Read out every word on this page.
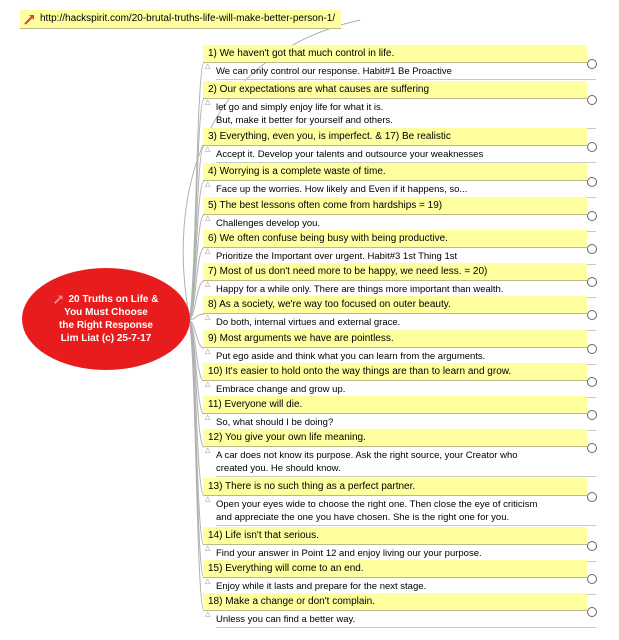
http://hackspirit.com/20-brutal-truths-life-will-make-better-person-1/
20 Truths on Life &
You Must Choose
the Right Response
Lim Liat (c) 25-7-17
1) We haven't got that much control in life.
△ We can only control our response. Habit#1 Be Proactive
2) Our expectations are what causes are suffering
△ let go and simply enjoy life for what it is.
But, make it better for yourself and others.
3) Everything, even you, is imperfect. & 17) Be realistic
△ Accept it. Develop your talents and outsource your weaknesses
4) Worrying is a complete waste of time.
△ Face up the worries. How likely and Even if it happens, so...
5) The best lessons often come from hardships = 19)
△ Challenges develop you.
6) We often confuse being busy with being productive.
△ Prioritize the Important over urgent. Habit#3 1st Thing 1st
7) Most of us don't need more to be happy, we need less. = 20)
△ Happy for a while only. There are things more important than wealth.
8) As a society, we're way too focused on outer beauty.
△ Do both, internal virtues and external grace.
9) Most arguments we have are pointless.
△ Put ego aside and think what you can learn from the arguments.
10) It's easier to hold onto the way things are than to learn and grow.
△ Embrace change and grow up.
11) Everyone will die.
△ So, what should I be doing?
12) You give your own life meaning.
△ A car does not know its purpose. Ask the right source, your Creator who
created you. He should know.
13) There is no such thing as a perfect partner.
△ Open your eyes wide to choose the right one. Then close the eye of criticism
and appreciate the one you have chosen. She is the right one for you.
14) Life isn't that serious.
△ Find your answer in Point 12 and enjoy living our your purpose.
15) Everything will come to an end.
△ Enjoy while it lasts and prepare for the next stage.
18) Make a change or don't complain.
△ Unless you can find a better way.
